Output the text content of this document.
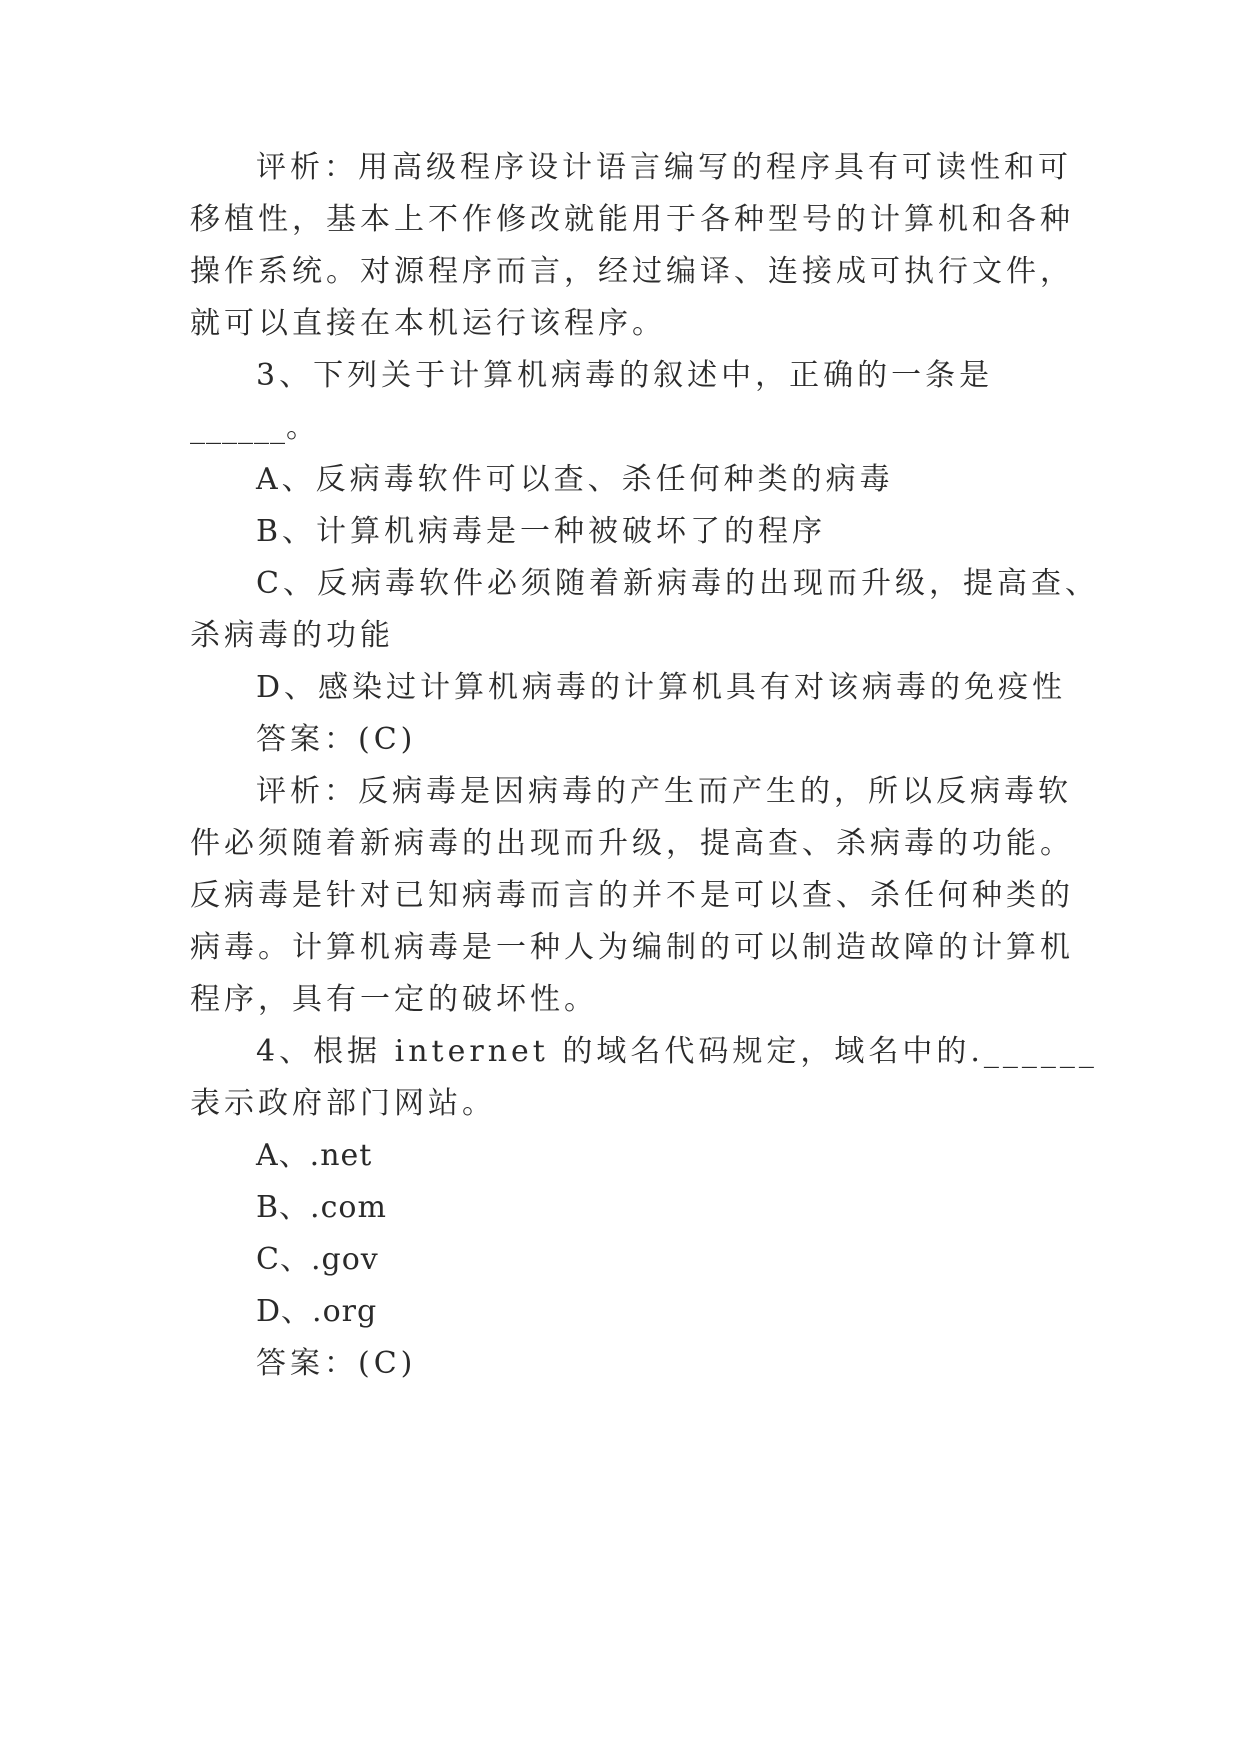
评析：用高级程序设计语言编写的程序具有可读性和可
移植性，基本上不作修改就能用于各种型号的计算机和各种
操作系统。对源程序而言，经过编译、连接成可执行文件，
就可以直接在本机运行该程序。
3、下列关于计算机病毒的叙述中，正确的一条是
______。
A、反病毒软件可以查、杀任何种类的病毒
B、计算机病毒是一种被破坏了的程序
C、反病毒软件必须随着新病毒的出现而升级，提高查、
杀病毒的功能
D、感染过计算机病毒的计算机具有对该病毒的免疫性
答案：(C)
评析：反病毒是因病毒的产生而产生的，所以反病毒软
件必须随着新病毒的出现而升级，提高查、杀病毒的功能。
反病毒是针对已知病毒而言的并不是可以查、杀任何种类的
病毒。计算机病毒是一种人为编制的可以制造故障的计算机
程序，具有一定的破坏性。
4、根据 internet 的域名代码规定，域名中的.______
表示政府部门网站。
A、.net
B、.com
C、.gov
D、.org
答案：(C)
